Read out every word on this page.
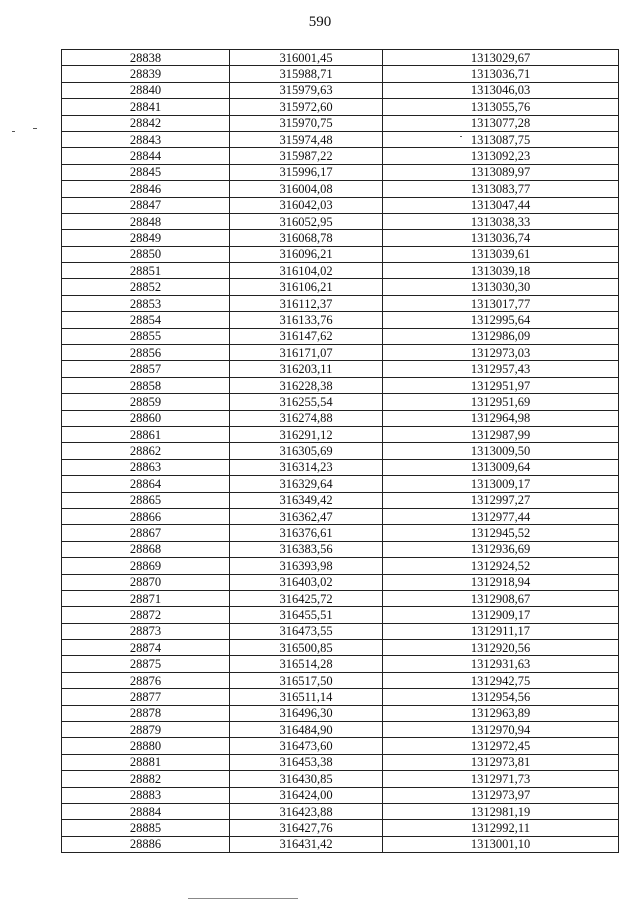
590
28838	316001,45	1313029,67
28839	315988,71	1313036,71
28840	315979,63	1313046,03
28841	315972,60	1313055,76
28842	315970,75	1313077,28
28843	315974,48	1313087,75
28844	315987,22	1313092,23
28845	315996,17	1313089,97
28846	316004,08	1313083,77
28847	316042,03	1313047,44
28848	316052,95	1313038,33
28849	316068,78	1313036,74
28850	316096,21	1313039,61
28851	316104,02	1313039,18
28852	316106,21	1313030,30
28853	316112,37	1313017,77
28854	316133,76	1312995,64
28855	316147,62	1312986,09
28856	316171,07	1312973,03
28857	316203,11	1312957,43
28858	316228,38	1312951,97
28859	316255,54	1312951,69
28860	316274,88	1312964,98
28861	316291,12	1312987,99
28862	316305,69	1313009,50
28863	316314,23	1313009,64
28864	316329,64	1313009,17
28865	316349,42	1312997,27
28866	316362,47	1312977,44
28867	316376,61	1312945,52
28868	316383,56	1312936,69
28869	316393,98	1312924,52
28870	316403,02	1312918,94
28871	316425,72	1312908,67
28872	316455,51	1312909,17
28873	316473,55	1312911,17
28874	316500,85	1312920,56
28875	316514,28	1312931,63
28876	316517,50	1312942,75
28877	316511,14	1312954,56
28878	316496,30	1312963,89
28879	316484,90	1312970,94
28880	316473,60	1312972,45
28881	316453,38	1312973,81
28882	316430,85	1312971,73
28883	316424,00	1312973,97
28884	316423,88	1312981,19
28885	316427,76	1312992,11
28886	316431,42	1313001,10
